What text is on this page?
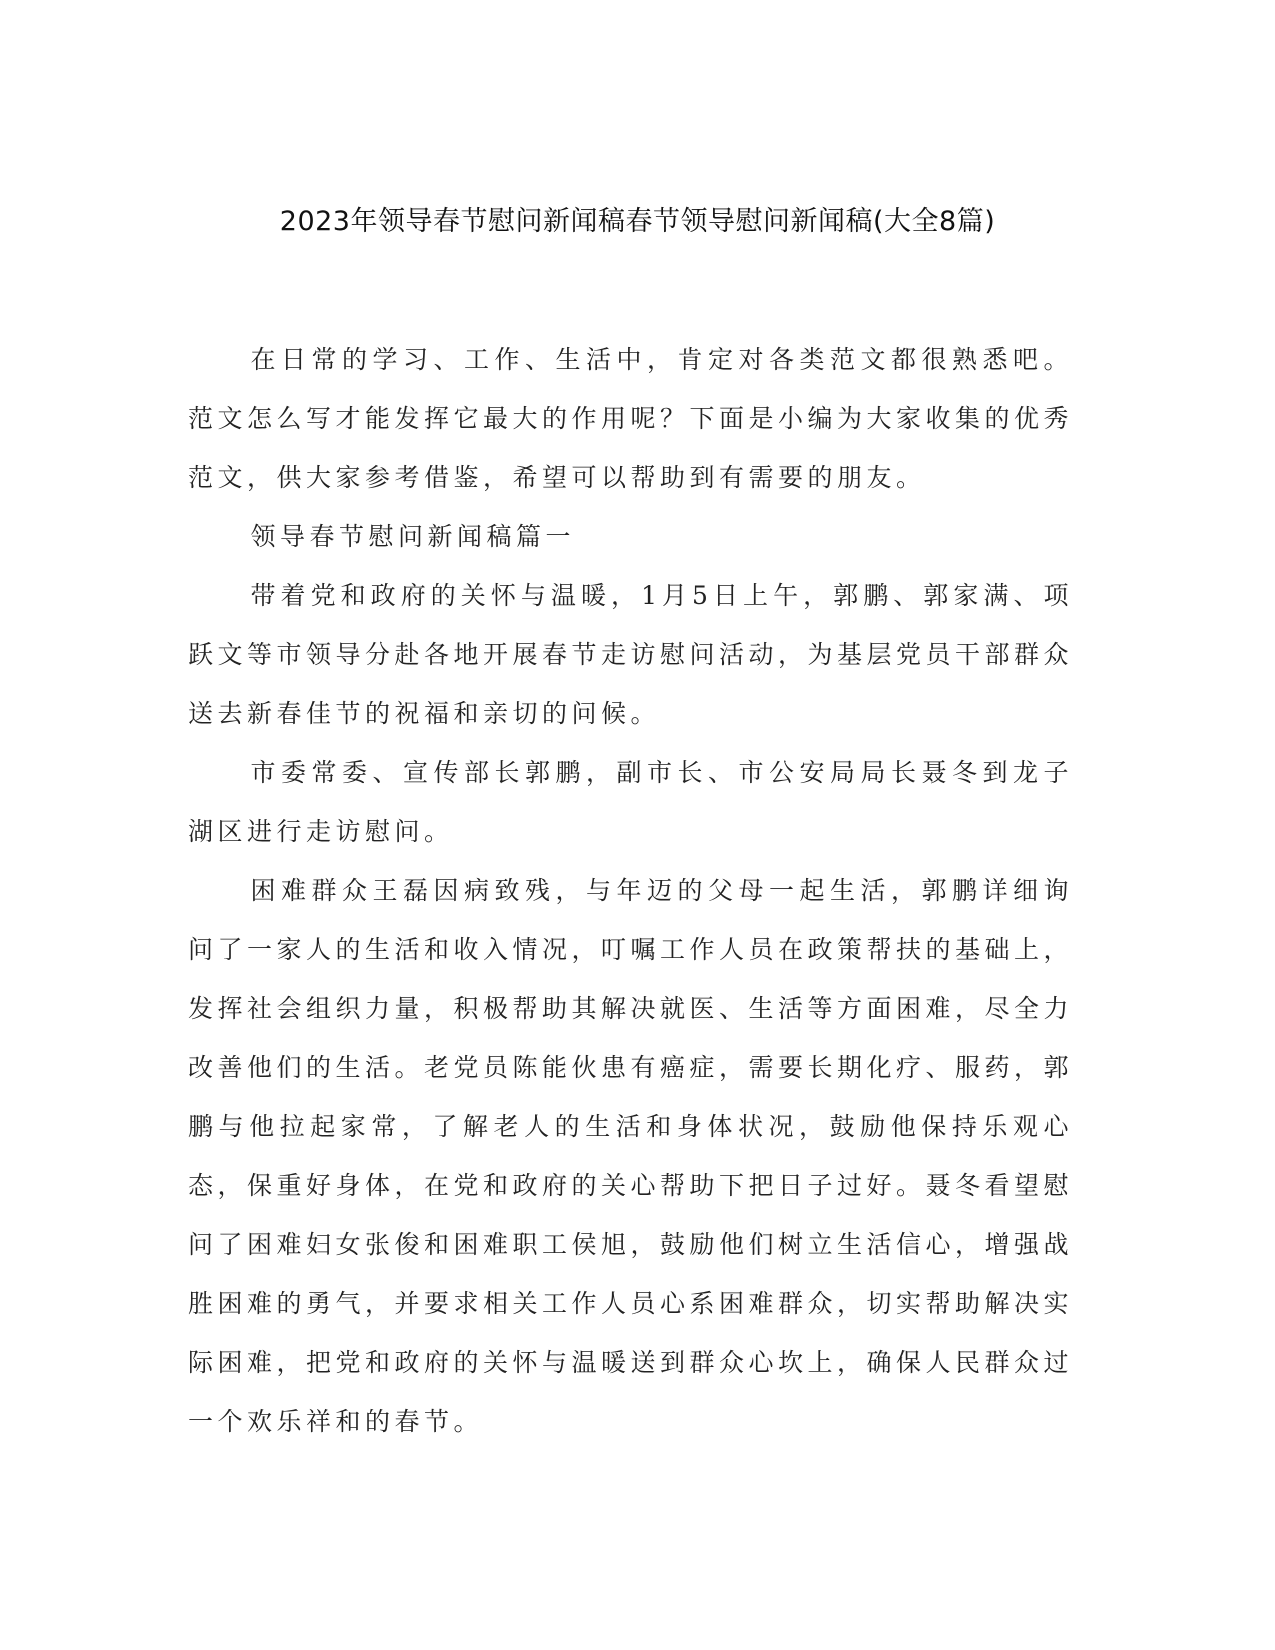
2023年领导春节慰问新闻稿春节领导慰问新闻稿(大全8篇)

在日常的学习、工作、生活中，肯定对各类范文都很熟悉吧。范文怎么写才能发挥它最大的作用呢？下面是小编为大家收集的优秀范文，供大家参考借鉴，希望可以帮助到有需要的朋友。

领导春节慰问新闻稿篇一

带着党和政府的关怀与温暖，1月5日上午，郭鹏、郭家满、项跃文等市领导分赴各地开展春节走访慰问活动，为基层党员干部群众送去新春佳节的祝福和亲切的问候。

市委常委、宣传部长郭鹏，副市长、市公安局局长聂冬到龙子湖区进行走访慰问。

困难群众王磊因病致残，与年迈的父母一起生活，郭鹏详细询问了一家人的生活和收入情况，叮嘱工作人员在政策帮扶的基础上，发挥社会组织力量，积极帮助其解决就医、生活等方面困难，尽全力改善他们的生活。老党员陈能伙患有癌症，需要长期化疗、服药，郭鹏与他拉起家常，了解老人的生活和身体状况，鼓励他保持乐观心态，保重好身体，在党和政府的关心帮助下把日子过好。聂冬看望慰问了困难妇女张俊和困难职工侯旭，鼓励他们树立生活信心，增强战胜困难的勇气，并要求相关工作人员心系困难群众，切实帮助解决实际困难，把党和政府的关怀与温暖送到群众心坎上，确保人民群众过一个欢乐祥和的春节。
